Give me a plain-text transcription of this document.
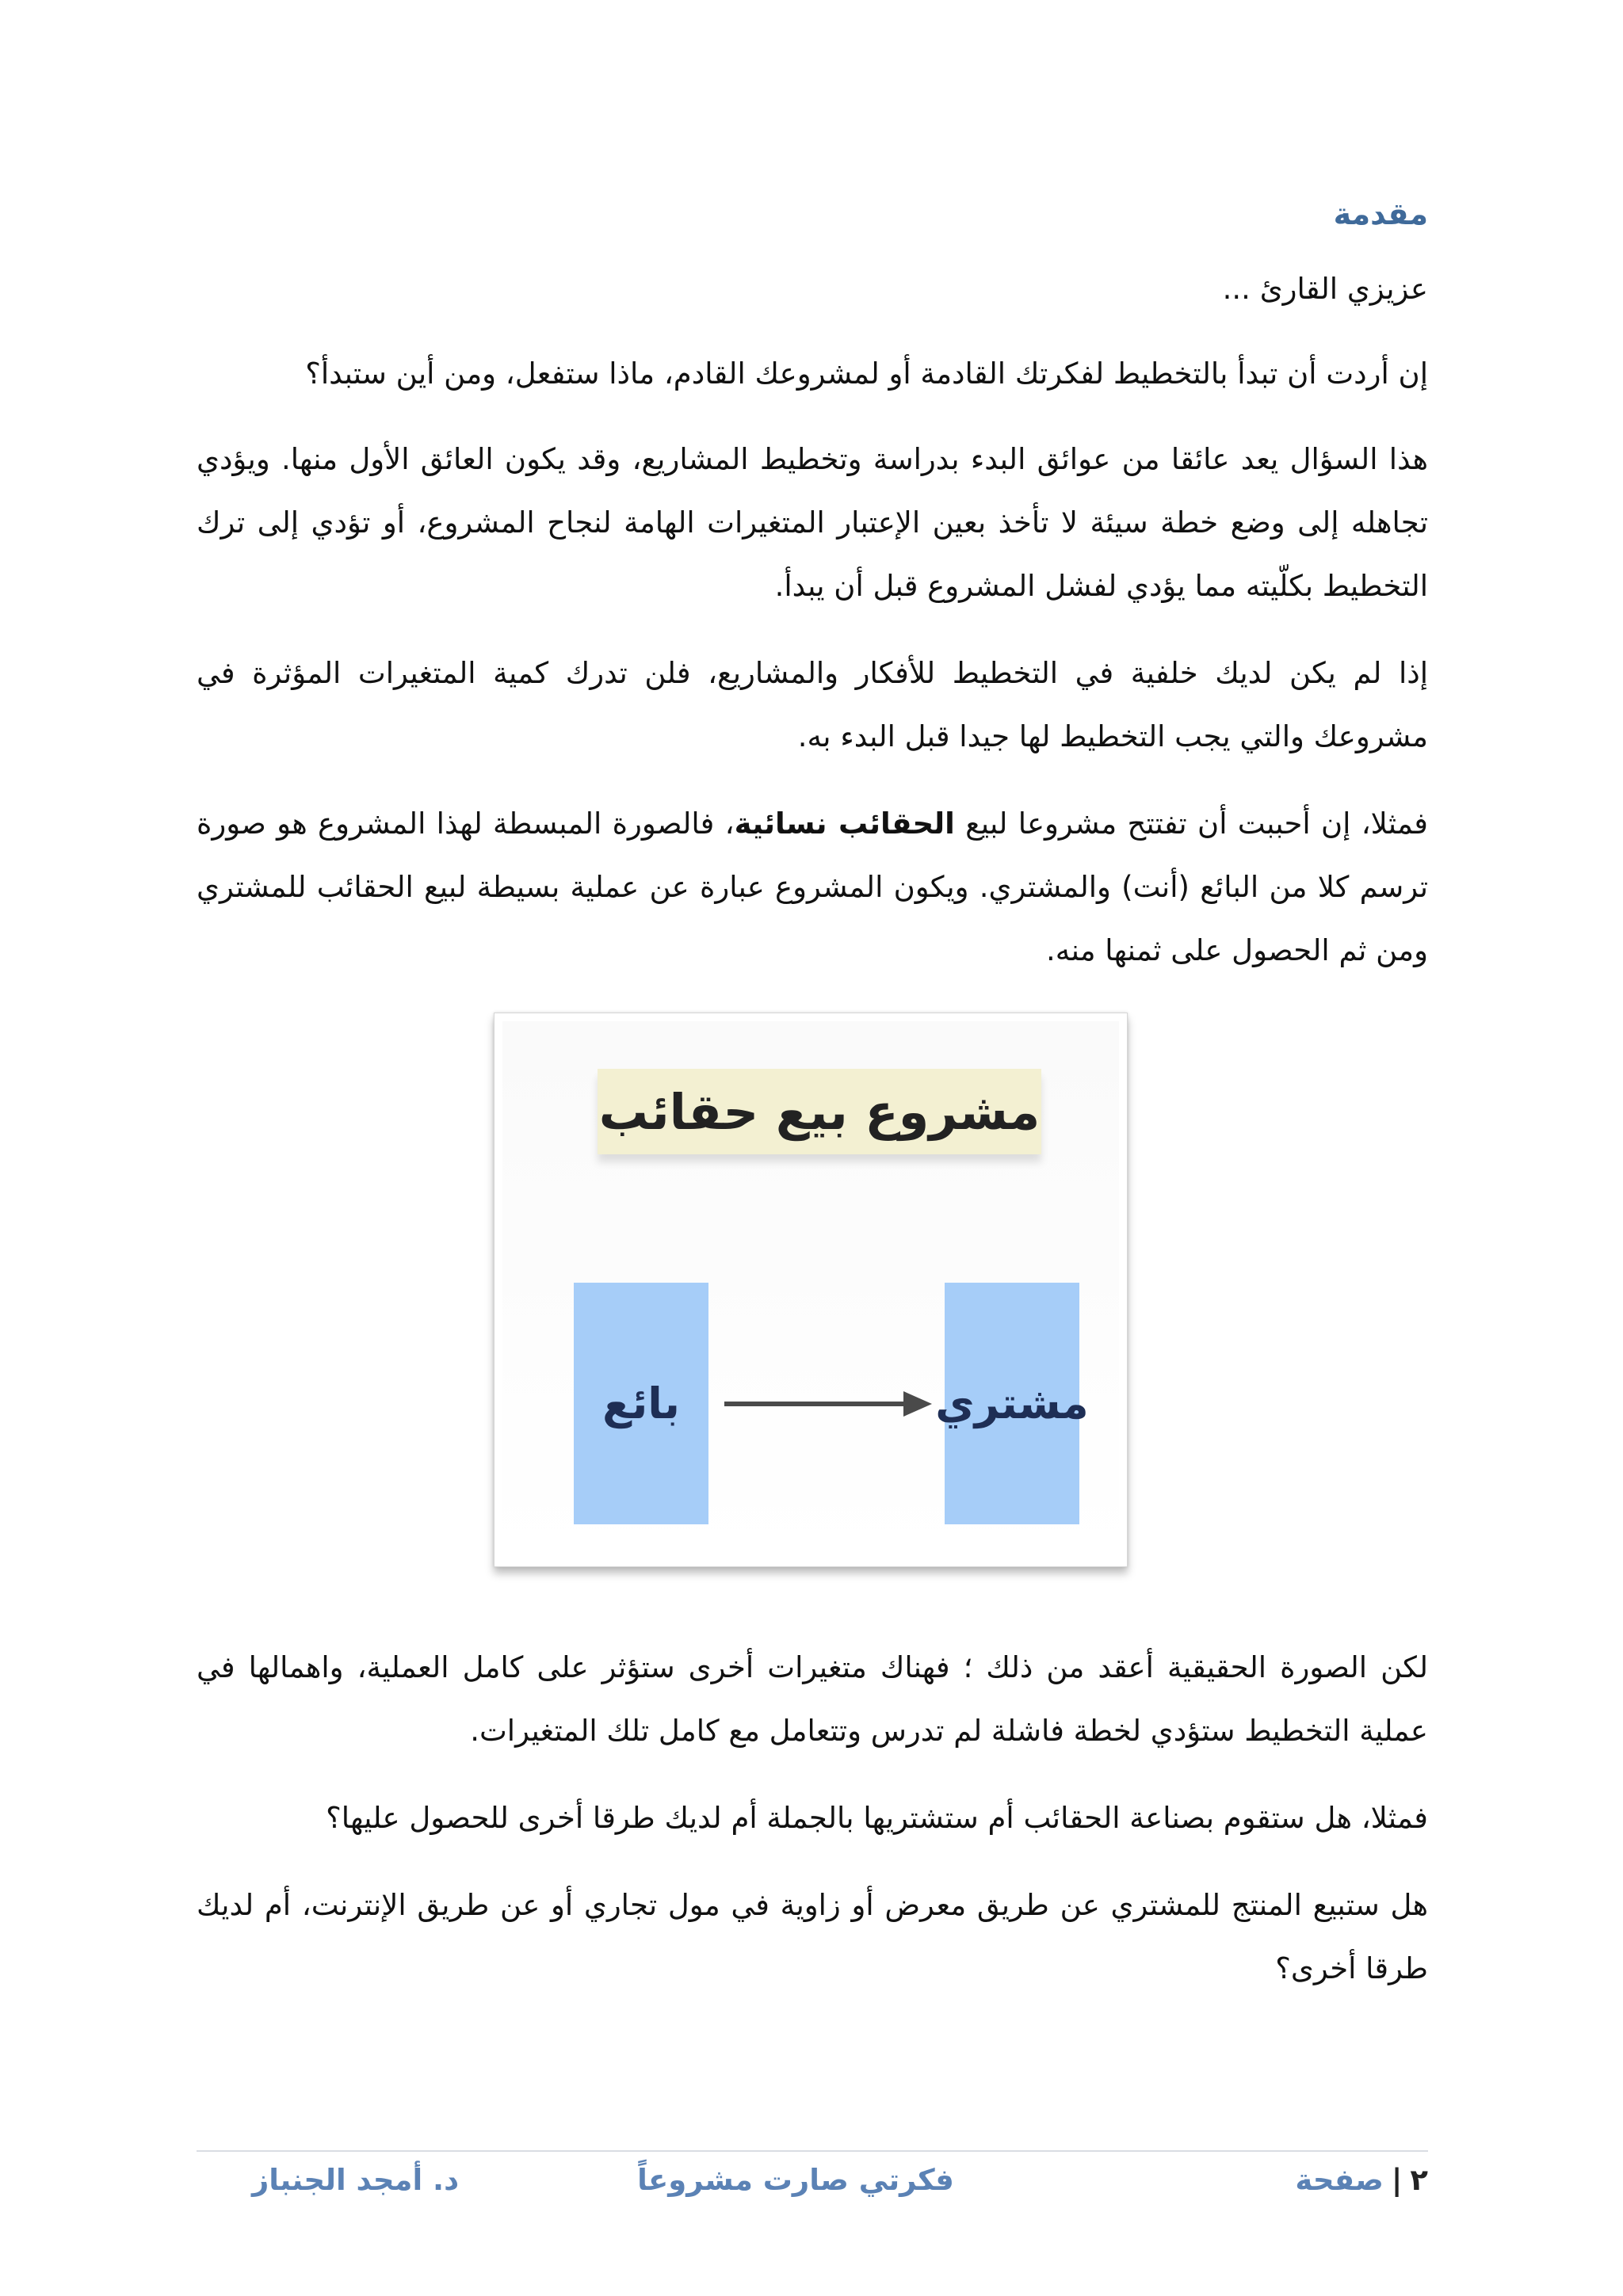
مقدمة

عزيزي القارئ ...

إن أردت أن تبدأ بالتخطيط لفكرتك القادمة أو لمشروعك القادم، ماذا ستفعل، ومن أين ستبدأ؟

هذا السؤال يعد عائقا من عوائق البدء بدراسة وتخطيط المشاريع، وقد يكون العائق الأول منها. ويؤدي تجاهله إلى وضع خطة سيئة لا تأخذ بعين الإعتبار المتغيرات الهامة لنجاح المشروع، أو تؤدي إلى ترك التخطيط بكلّيته مما يؤدي لفشل المشروع قبل أن يبدأ.

إذا لم يكن لديك خلفية في التخطيط للأفكار والمشاريع، فلن تدرك كمية المتغيرات المؤثرة في مشروعك والتي يجب التخطيط لها جيدا قبل البدء به.

فمثلا، إن أحببت أن تفتتح مشروعا لبيع الحقائب نسائية، فالصورة المبسطة لهذا المشروع هو صورة ترسم كلا من البائع (أنت) والمشتري. ويكون المشروع عبارة عن عملية بسيطة لبيع الحقائب للمشتري ومن ثم الحصول على ثمنها منه.

مشروع بيع حقائب
مشتري
بائع

لكن الصورة الحقيقية أعقد من ذلك ؛ فهناك متغيرات أخرى ستؤثر على كامل العملية، واهمالها في عملية التخطيط ستؤدي لخطة فاشلة لم تدرس وتتعامل مع كامل تلك المتغيرات.

فمثلا، هل ستقوم بصناعة الحقائب أم ستشتريها بالجملة أم لديك طرقا أخرى للحصول عليها؟

هل ستبيع المنتج للمشتري عن طريق معرض أو زاوية في مول تجاري أو عن طريق الإنترنت، أم لديك طرقا أخرى؟

٢|صفحة

فكرتي صارت مشروعاً

د. أمجد الجنباز
